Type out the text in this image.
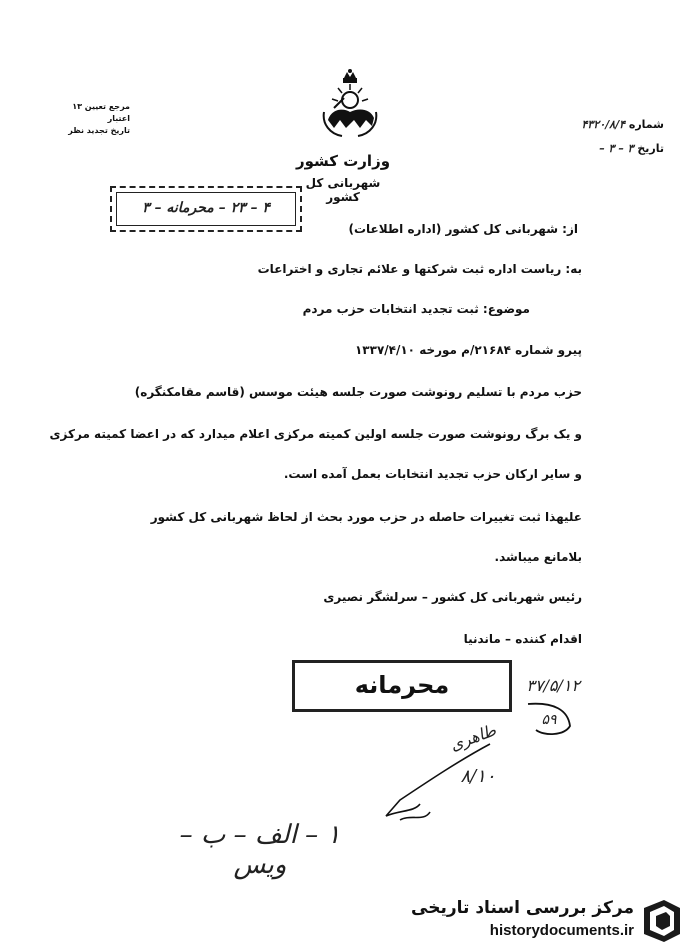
مرجع تعیین ۱۳
اعتبار
تاریخ تجدید نظر
وزارت کشور
شهربانی کل کشور
شماره ۴۳۲۰/۸/۴
تاریخ ۳ – ۳ –
۴ – ۲۳ – محرمانه – ۳
از: شهربانی کل کشور (اداره اطلاعات)
به: ریاست اداره ثبت شرکتها و علائم تجاری و اختراعات
موضوع: ثبت تجدید انتخابات حزب مردم
پیرو شماره ۲۱۶۸۴/م مورخه ۱۳۳۷/۴/۱۰
حزب مردم با تسلیم رونوشت صورت جلسه هیئت موسس (قاسم مقامکنگره)
و یک برگ رونوشت صورت جلسه اولین کمیته مرکزی اعلام میدارد که در اعضا کمیته مرکزی
و سایر ارکان حزب تجدید انتخابات بعمل آمده است.
علیهذا ثبت تغییرات حاصله در حزب مورد بحث از لحاظ شهربانی کل کشور
بلامانع میباشد.
رئیس شهربانی کل کشور – سرلشگر نصیری
اقدام کننده – ماندنیا
محرمانه	۳۷/۵/۱۲
۵۹
طاهری
۸/۱۰
۱ – الف – ب – ویس
مرکز بررسی اسناد تاریخی
historydocuments.ir
